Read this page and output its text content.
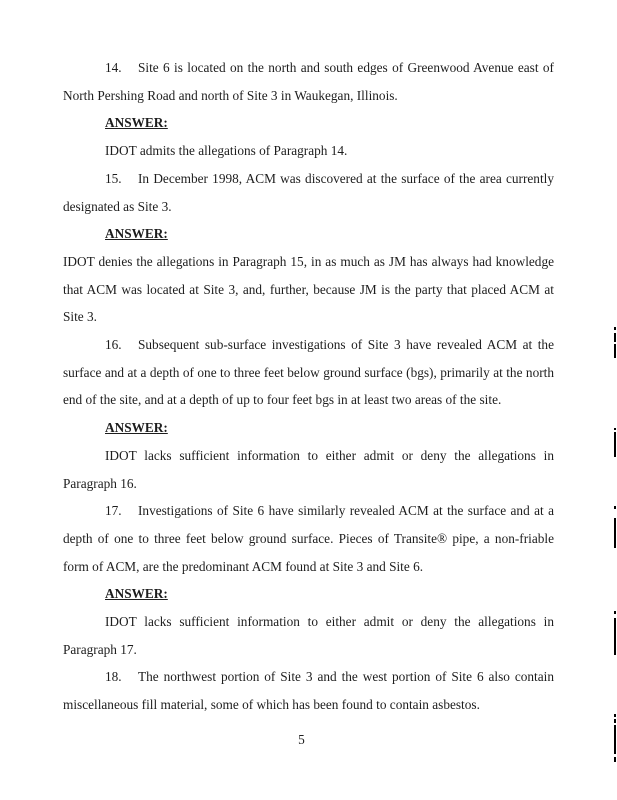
14. Site 6 is located on the north and south edges of Greenwood Avenue east of North Pershing Road and north of Site 3 in Waukegan, Illinois.

ANSWER:

IDOT admits the allegations of Paragraph 14.

15. In December 1998, ACM was discovered at the surface of the area currently designated as Site 3.

ANSWER:

IDOT denies the allegations in Paragraph 15, in as much as JM has always had knowledge that ACM was located at Site 3, and, further, because JM is the party that placed ACM at Site 3.

16. Subsequent sub-surface investigations of Site 3 have revealed ACM at the surface and at a depth of one to three feet below ground surface (bgs), primarily at the north end of the site, and at a depth of up to four feet bgs in at least two areas of the site.

ANSWER:

IDOT lacks sufficient information to either admit or deny the allegations in Paragraph 16.

17. Investigations of Site 6 have similarly revealed ACM at the surface and at a depth of one to three feet below ground surface. Pieces of Transite® pipe, a non-friable form of ACM, are the predominant ACM found at Site 3 and Site 6.

ANSWER:

IDOT lacks sufficient information to either admit or deny the allegations in Paragraph 17.

18. The northwest portion of Site 3 and the west portion of Site 6 also contain miscellaneous fill material, some of which has been found to contain asbestos.

5
